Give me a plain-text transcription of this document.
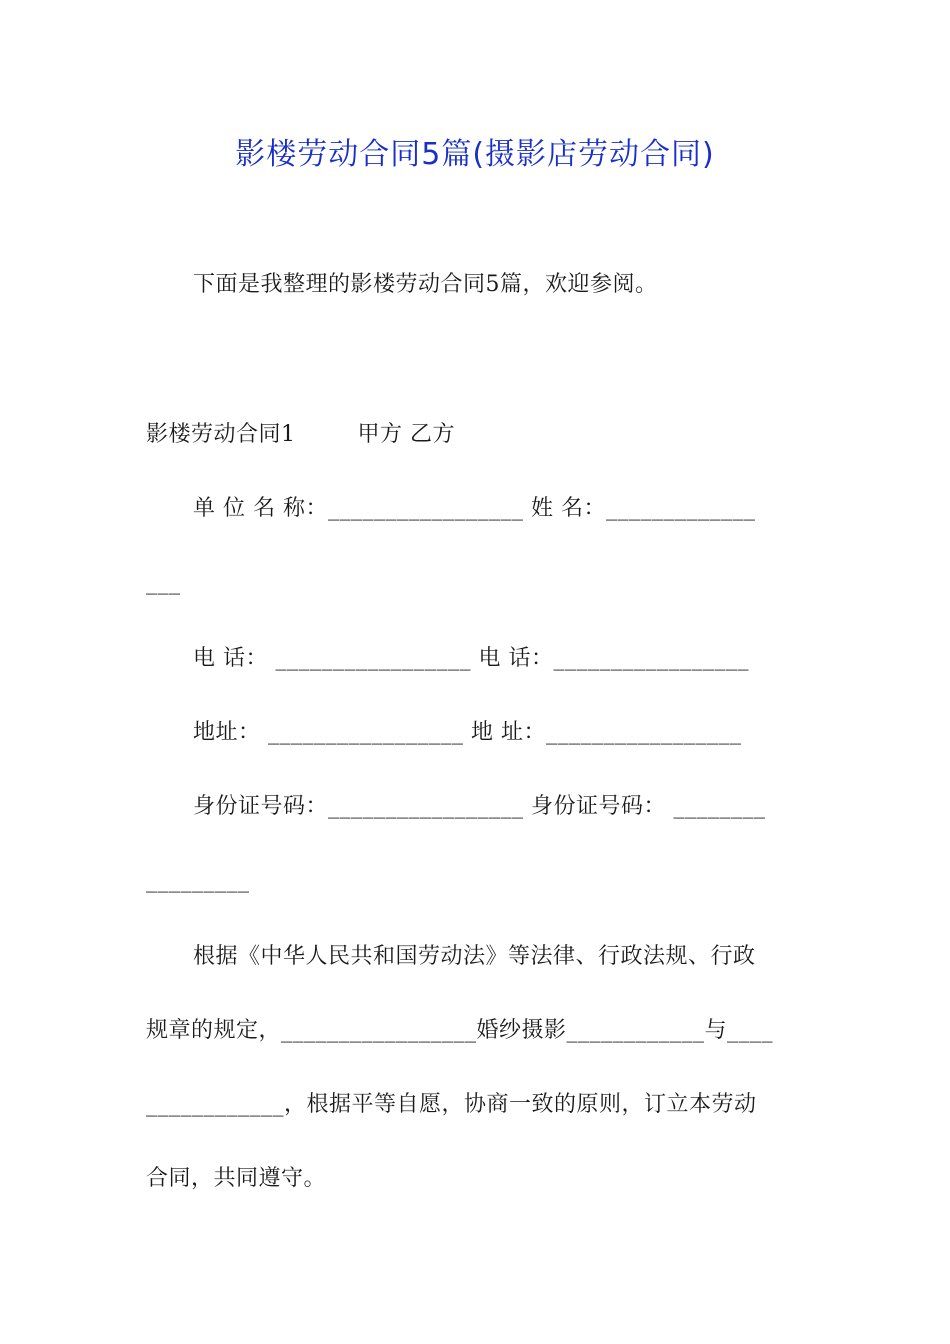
影楼劳动合同5篇(摄影店劳动合同)
下面是我整理的影楼劳动合同5篇，欢迎参阅。
影楼劳动合同1	甲方 乙方
单 位 名 称：_________________ 姓 名：_____________
___
电 话： _________________ 电 话：_________________
地址： _________________ 地 址：_________________
身份证号码：_________________ 身份证号码： ________
_________
根据《中华人民共和国劳动法》等法律、行政法规、行政
规章的规定，_________________婚纱摄影____________与____
____________，根据平等自愿，协商一致的原则，订立本劳动
合同，共同遵守。
